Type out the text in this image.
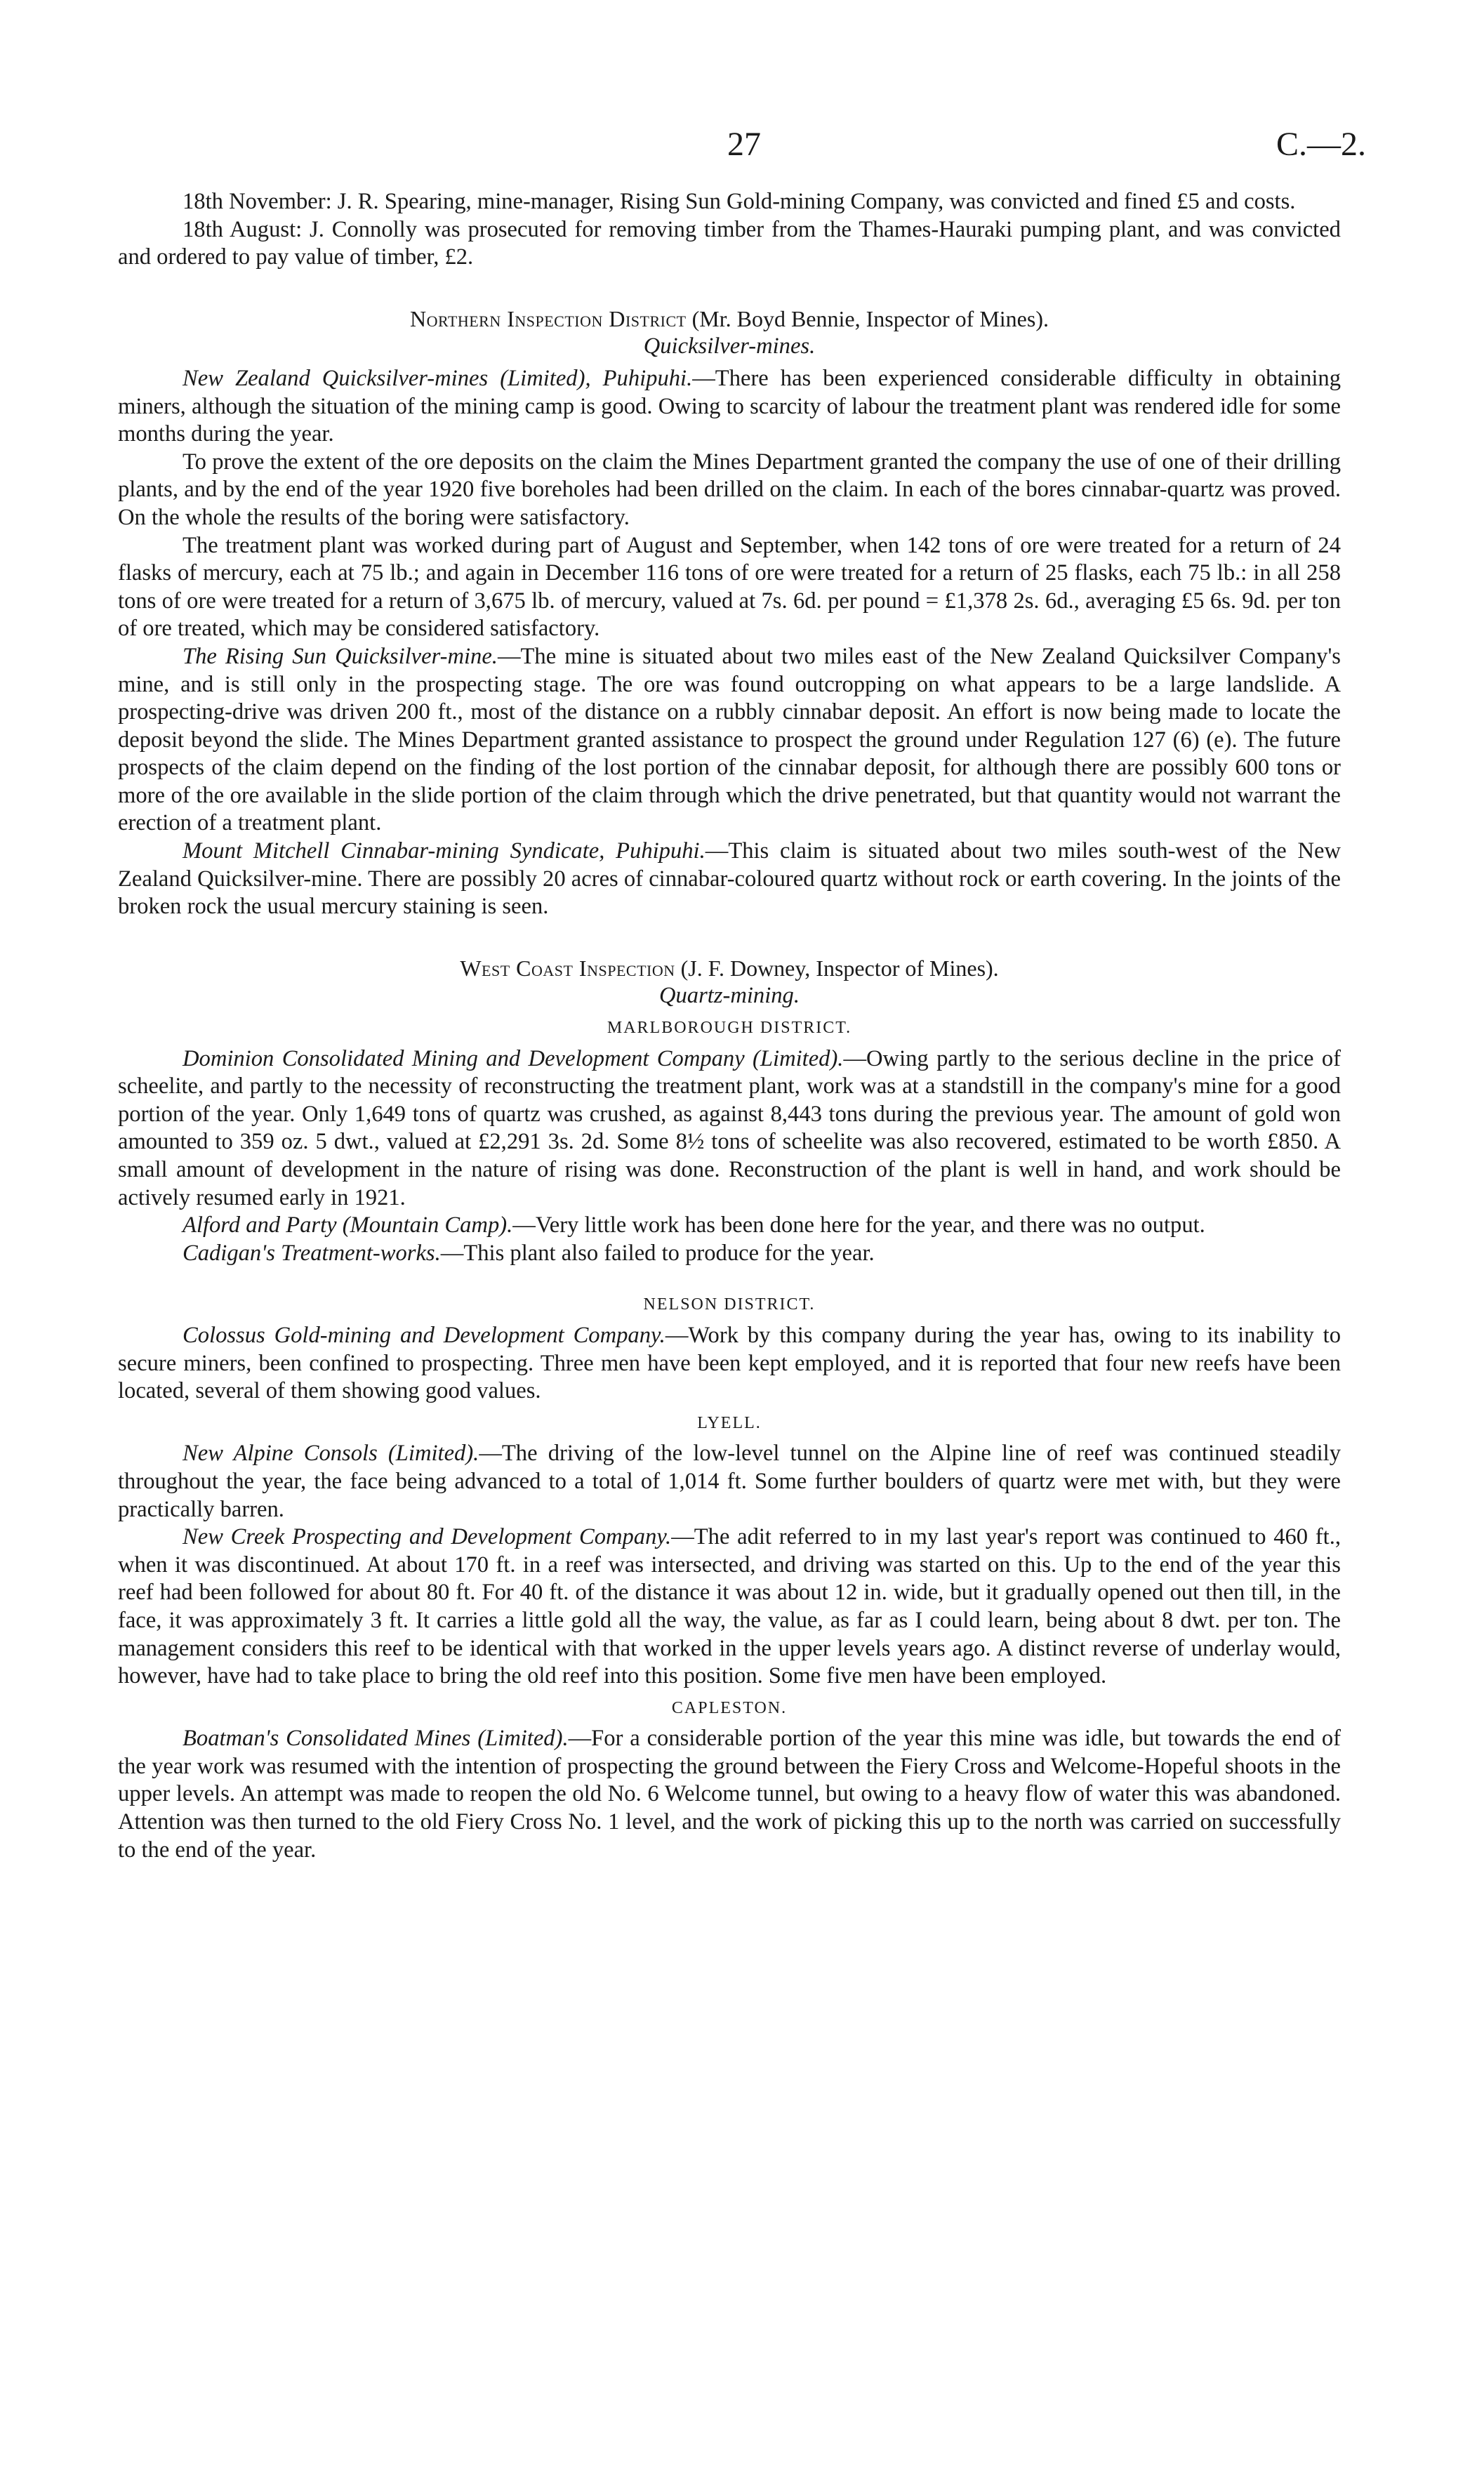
27	C.—2.

18th November: J. R. Spearing, mine-manager, Rising Sun Gold-mining Company, was convicted and fined £5 and costs.

18th August: J. Connolly was prosecuted for removing timber from the Thames-Hauraki pumping plant, and was convicted and ordered to pay value of timber, £2.

Northern Inspection District (Mr. Boyd Bennie, Inspector of Mines).
Quicksilver-mines.

New Zealand Quicksilver-mines (Limited), Puhipuhi.—There has been experienced considerable difficulty in obtaining miners, although the situation of the mining camp is good. Owing to scarcity of labour the treatment plant was rendered idle for some months during the year.

To prove the extent of the ore deposits on the claim the Mines Department granted the company the use of one of their drilling plants, and by the end of the year 1920 five boreholes had been drilled on the claim. In each of the bores cinnabar-quartz was proved. On the whole the results of the boring were satisfactory.

The treatment plant was worked during part of August and September, when 142 tons of ore were treated for a return of 24 flasks of mercury, each at 75 lb.; and again in December 116 tons of ore were treated for a return of 25 flasks, each 75 lb.: in all 258 tons of ore were treated for a return of 3,675 lb. of mercury, valued at 7s. 6d. per pound = £1,378 2s. 6d., averaging £5 6s. 9d. per ton of ore treated, which may be considered satisfactory.

The Rising Sun Quicksilver-mine.—The mine is situated about two miles east of the New Zealand Quicksilver Company's mine, and is still only in the prospecting stage. The ore was found outcropping on what appears to be a large landslide. A prospecting-drive was driven 200 ft., most of the distance on a rubbly cinnabar deposit. An effort is now being made to locate the deposit beyond the slide. The Mines Department granted assistance to prospect the ground under Regulation 127 (6) (e). The future prospects of the claim depend on the finding of the lost portion of the cinnabar deposit, for although there are possibly 600 tons or more of the ore available in the slide portion of the claim through which the drive penetrated, but that quantity would not warrant the erection of a treatment plant.

Mount Mitchell Cinnabar-mining Syndicate, Puhipuhi.—This claim is situated about two miles south-west of the New Zealand Quicksilver-mine. There are possibly 20 acres of cinnabar-coloured quartz without rock or earth covering. In the joints of the broken rock the usual mercury staining is seen.

West Coast Inspection (J. F. Downey, Inspector of Mines).
Quartz-mining.
MARLBOROUGH DISTRICT.

Dominion Consolidated Mining and Development Company (Limited).—Owing partly to the serious decline in the price of scheelite, and partly to the necessity of reconstructing the treatment plant, work was at a standstill in the company's mine for a good portion of the year. Only 1,649 tons of quartz was crushed, as against 8,443 tons during the previous year. The amount of gold won amounted to 359 oz. 5 dwt., valued at £2,291 3s. 2d. Some 8½ tons of scheelite was also recovered, estimated to be worth £850. A small amount of development in the nature of rising was done. Reconstruction of the plant is well in hand, and work should be actively resumed early in 1921.

Alford and Party (Mountain Camp).—Very little work has been done here for the year, and there was no output.

Cadigan's Treatment-works.—This plant also failed to produce for the year.

NELSON DISTRICT.

Colossus Gold-mining and Development Company.—Work by this company during the year has, owing to its inability to secure miners, been confined to prospecting. Three men have been kept employed, and it is reported that four new reefs have been located, several of them showing good values.

LYELL.

New Alpine Consols (Limited).—The driving of the low-level tunnel on the Alpine line of reef was continued steadily throughout the year, the face being advanced to a total of 1,014 ft. Some further boulders of quartz were met with, but they were practically barren.

New Creek Prospecting and Development Company.—The adit referred to in my last year's report was continued to 460 ft., when it was discontinued. At about 170 ft. in a reef was intersected, and driving was started on this. Up to the end of the year this reef had been followed for about 80 ft. For 40 ft. of the distance it was about 12 in. wide, but it gradually opened out then till, in the face, it was approximately 3 ft. It carries a little gold all the way, the value, as far as I could learn, being about 8 dwt. per ton. The management considers this reef to be identical with that worked in the upper levels years ago. A distinct reverse of underlay would, however, have had to take place to bring the old reef into this position. Some five men have been employed.

CAPLESTON.

Boatman's Consolidated Mines (Limited).—For a considerable portion of the year this mine was idle, but towards the end of the year work was resumed with the intention of prospecting the ground between the Fiery Cross and Welcome-Hopeful shoots in the upper levels. An attempt was made to reopen the old No. 6 Welcome tunnel, but owing to a heavy flow of water this was abandoned. Attention was then turned to the old Fiery Cross No. 1 level, and the work of picking this up to the north was carried on successfully to the end of the year.
